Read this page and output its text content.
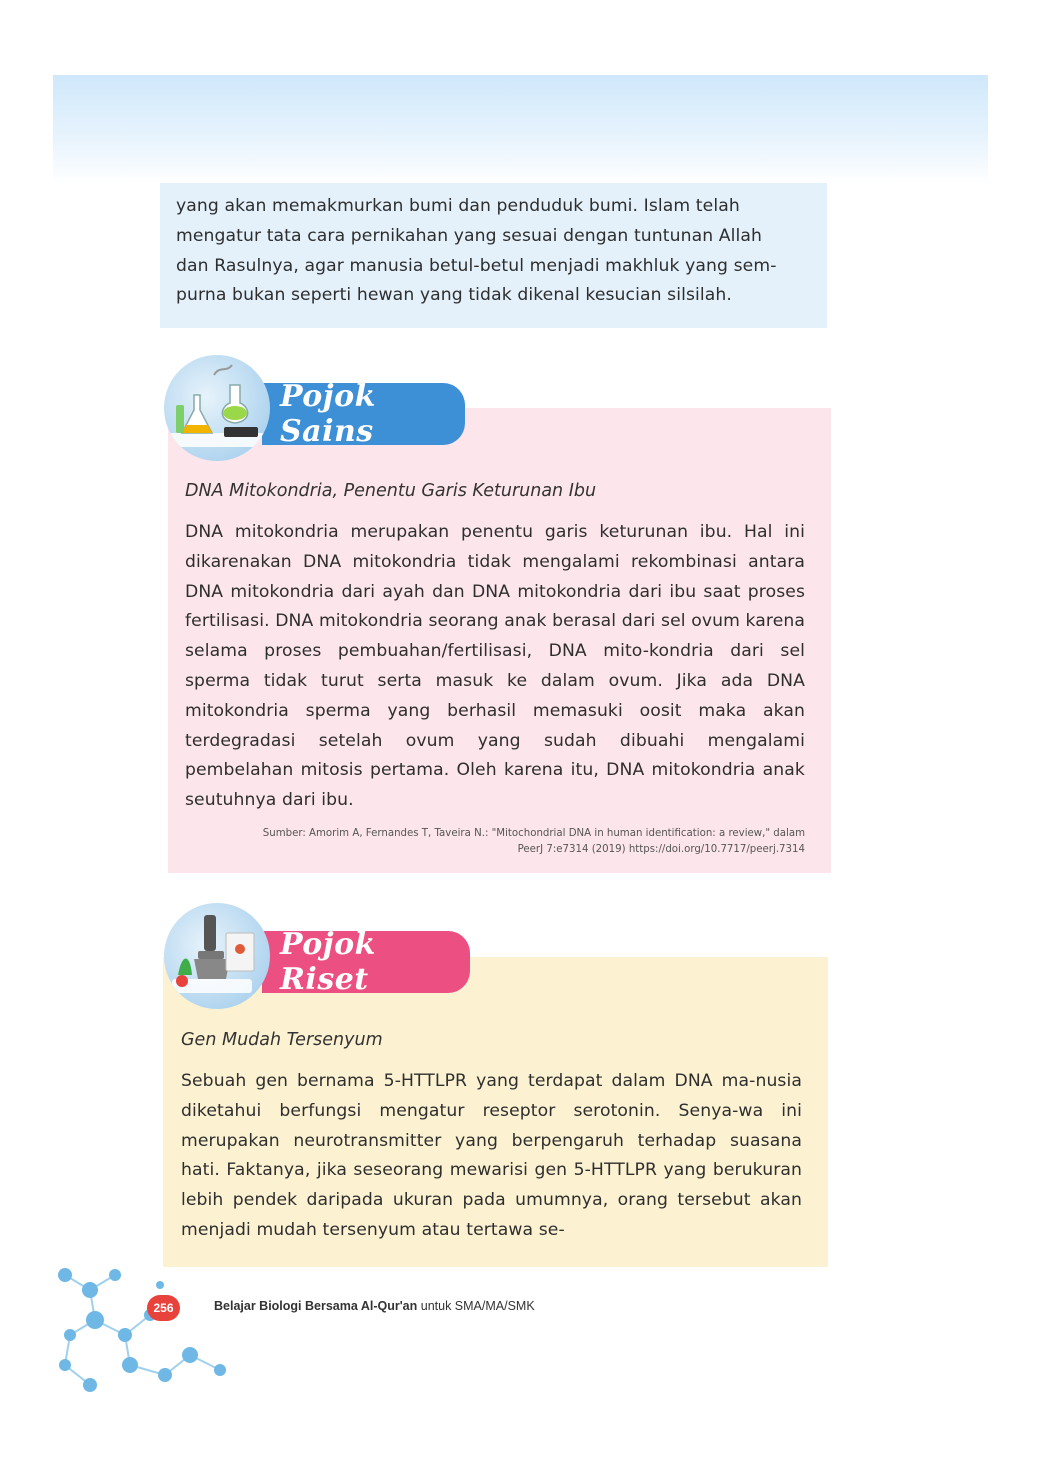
yang akan memakmurkan bumi dan penduduk bumi. Islam telah
mengatur tata cara pernikahan yang sesuai dengan tuntunan Allah
dan Rasulnya, agar manusia betul-betul menjadi makhluk yang sem-
purna bukan seperti hewan yang tidak dikenal kesucian silsilah.
DNA Mitokondria, Penentu Garis Keturunan Ibu

DNA mitokondria merupakan penentu garis keturunan ibu. Hal ini dikarenakan DNA mitokondria tidak mengalami rekombinasi antara DNA mitokondria dari ayah dan DNA mitokondria dari ibu saat proses fertilisasi. DNA mitokondria seorang anak berasal dari sel ovum karena selama proses pembuahan/fertilisasi, DNA mito-kondria dari sel sperma tidak turut serta masuk ke dalam ovum. Jika ada DNA mitokondria sperma yang berhasil memasuki oosit maka akan terdegradasi setelah ovum yang sudah dibuahi mengalami pembelahan mitosis pertama. Oleh karena itu, DNA mitokondria anak seutuhnya dari ibu.

Sumber: Amorim A, Fernandes T, Taveira N.: "Mitochondrial DNA in human identification: a review," dalam
PeerJ 7:e7314 (2019) https://doi.org/10.7717/peerj.7314
Pojok Sains
Gen Mudah Tersenyum

Sebuah gen bernama 5-HTTLPR yang terdapat dalam DNA ma-nusia diketahui berfungsi mengatur reseptor serotonin. Senya-wa ini merupakan neurotransmitter yang berpengaruh terhadap suasana hati. Faktanya, jika seseorang mewarisi gen 5-HTTLPR yang berukuran lebih pendek daripada ukuran pada umumnya, orang tersebut akan menjadi mudah tersenyum atau tertawa se-

Pojok Riset
256	Belajar Biologi Bersama Al-Qur'an untuk SMA/MA/SMK
